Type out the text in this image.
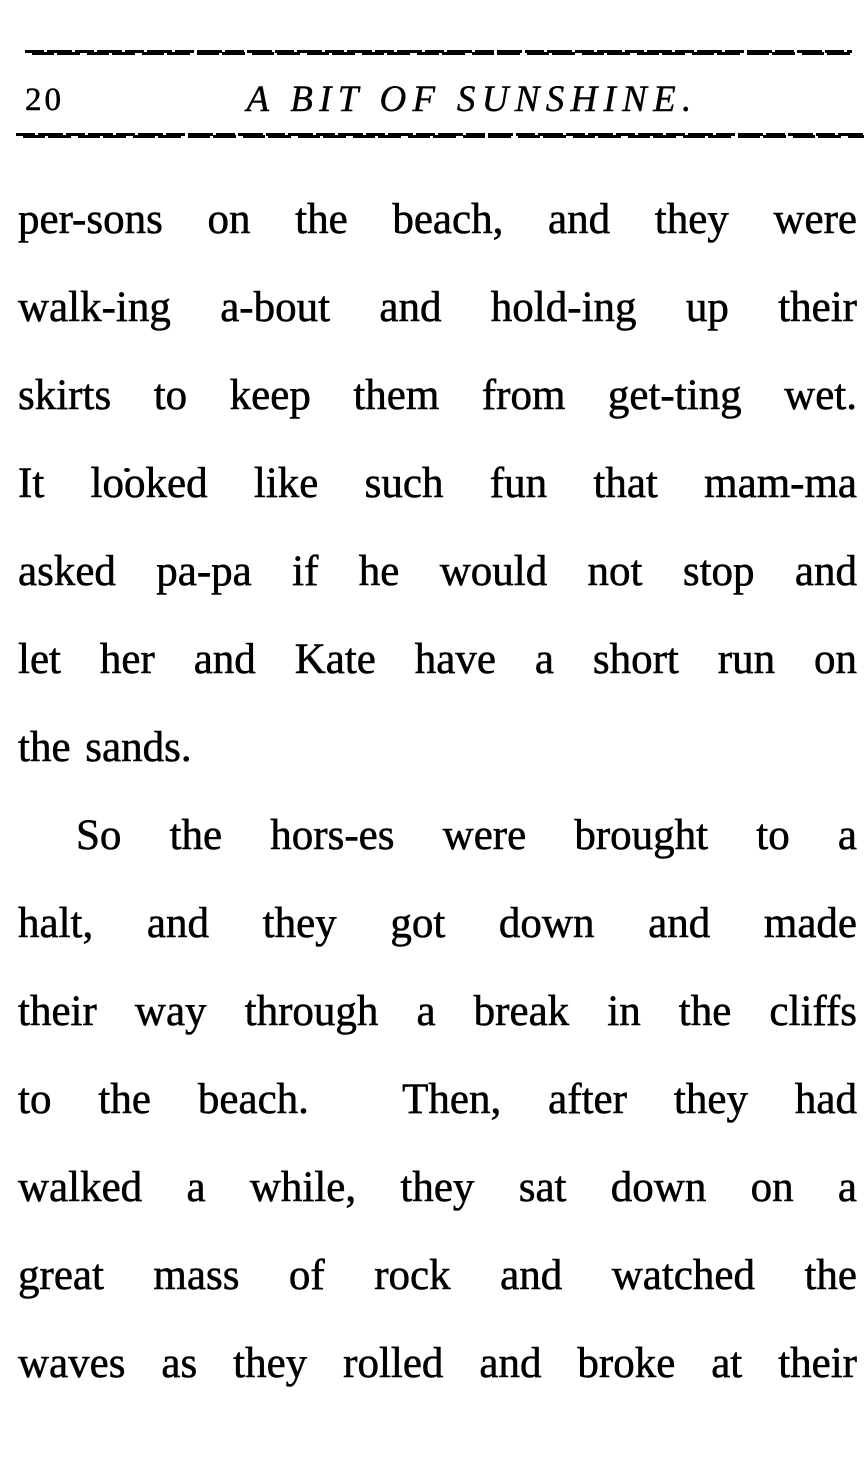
20	A BIT OF SUNSHINE.
per-sons on the beach, and they were
walk-ing a-bout and hold-ing up their
skirts to keep them from get-ting wet.
It looked like such fun that mam-ma
asked pa-pa if he would not stop and
let her and Kate have a short run on
the sands.
So the hors-es were brought to a
halt, and they got down and made
their way through a break in the cliffs
to the beach.  Then, after they had
walked a while, they sat down on a
great mass of rock and watched the
waves as they rolled and broke at their
